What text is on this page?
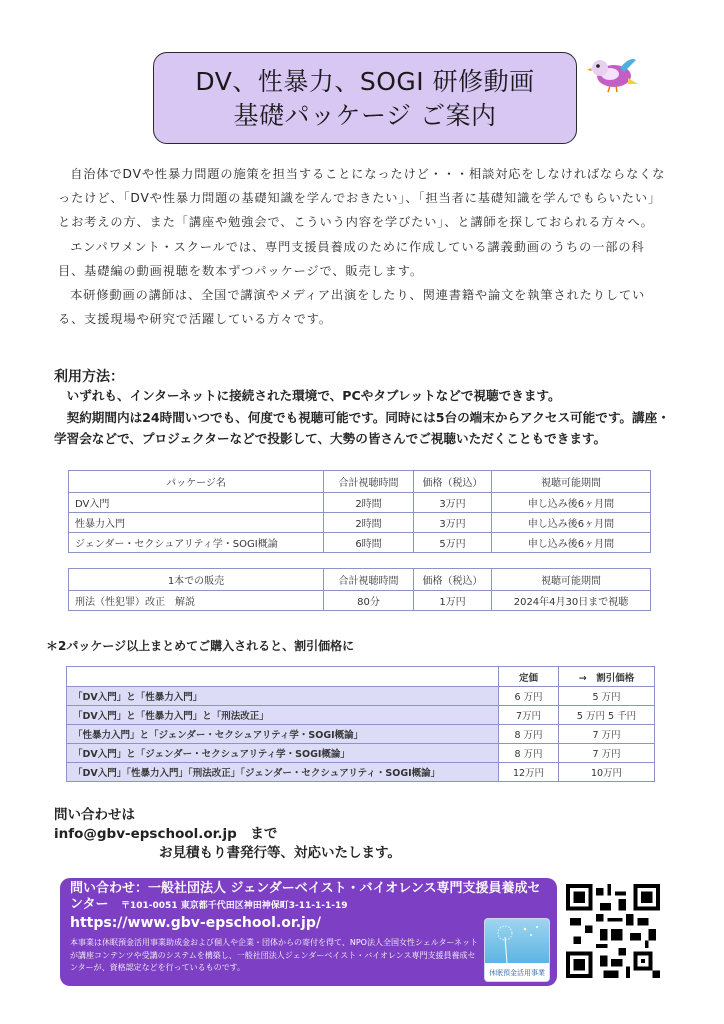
DV、性暴力、SOGI 研修動画
基礎パッケージ ご案内

自治体でDVや性暴力問題の施策を担当することになったけど・・・相談対応をしなければならなくなったけど、「DVや性暴力問題の基礎知識を学んでおきたい」、「担当者に基礎知識を学んでもらいたい」とお考えの方、また「講座や勉強会で、こういう内容を学びたい」、と講師を探しておられる方々へ。

エンパワメント・スクールでは、専門支援員養成のために作成している講義動画のうちの一部の科目、基礎編の動画視聴を数本ずつパッケージで、販売します。

本研修動画の講師は、全国で講演やメディア出演をしたり、関連書籍や論文を執筆されたりしている、支援現場や研究で活躍している方々です。

利用方法：

いずれも、インターネットに接続された環境で、PCやタブレットなどで視聴できます。

契約期間内は24時間いつでも、何度でも視聴可能です。同時には5台の端末からアクセス可能です。講座・学習会などで、プロジェクターなどで投影して、大勢の皆さんでご視聴いただくこともできます。

パッケージ名	合計視聴時間	価格（税込）	視聴可能期間
DV入門	2時間	3万円	申し込み後6ヶ月間
性暴力入門	2時間	3万円	申し込み後6ヶ月間
ジェンダー・セクシュアリティ学・SOGI概論	6時間	5万円	申し込み後6ヶ月間
1本での販売	合計視聴時間	価格（税込）	視聴可能期間
刑法（性犯罪）改正　解説	80分	1万円	2024年4月30日まで視聴
＊2パッケージ以上まとめてご購入されると、割引価格に
	定価	→　割引価格
「DV入門」と「性暴力入門」	6 万円	5 万円
「DV入門」と「性暴力入門」と「刑法改正」	7万円	5 万円 5 千円
「性暴力入門」と「ジェンダー・セクシュアリティ学・SOGI概論」	8 万円	7 万円
「DV入門」と「ジェンダー・セクシュアリティ学・SOGI概論」	8 万円	7 万円
「DV入門」「性暴力入門」「刑法改正」「ジェンダー・セクシュアリティ・SOGI概論」	12万円	10万円
問い合わせは
info@gbv-epschool.or.jp　まで
お見積もり書発行等、対応いたします。
問い合わせ：一般社団法人 ジェンダーベイスト・バイオレンス専門支援員養成センター 〒101-0051 東京都千代田区神田神保町3-11-1-1-19
https://www.gbv-epschool.or.jp/
本事業は休眠預金活用事業助成金および個人や企業・団体からの寄付を得て、NPO法人全国女性シェルターネットが講座コンテンツや受講のシステムを構築し、一般社団法人ジェンダーベイスト・バイオレンス専門支援員養成センターが、資格認定などを行っているものです。
休眠預金活用事業
